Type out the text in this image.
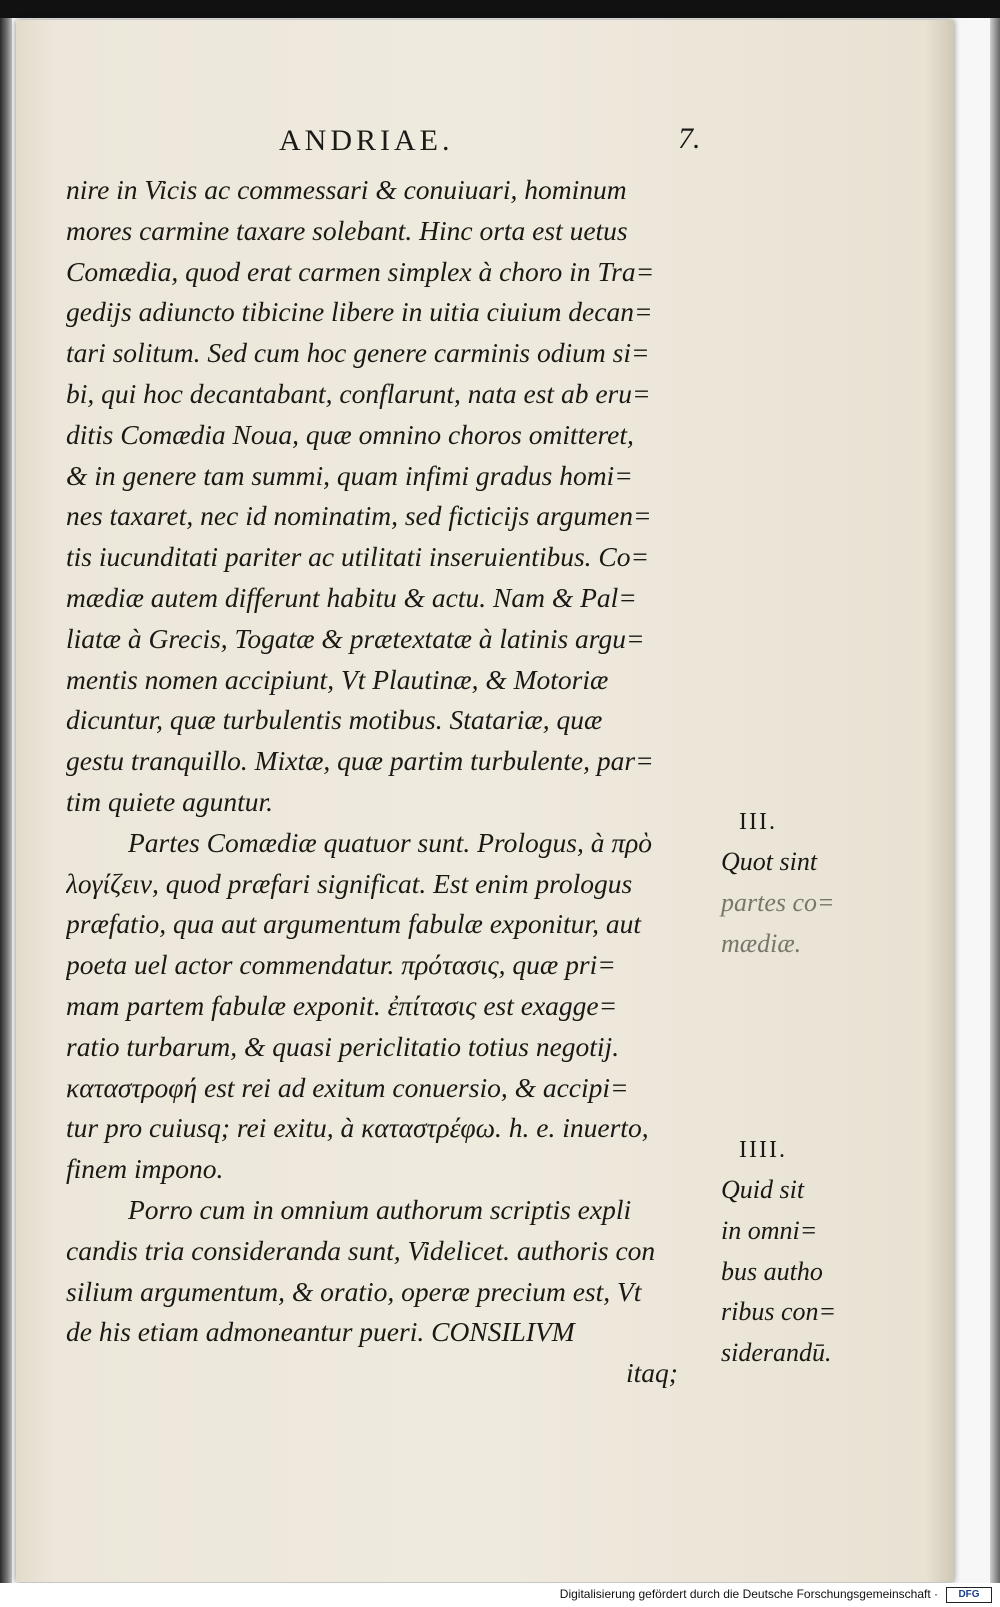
ANDRIAE.	7.
nire in Vicis ac commessari & conuiuari, hominum
mores carmine taxare solebant. Hinc orta est uetus
Comædia, quod erat carmen simplex à choro in Tra=
gedijs adiuncto tibicine libere in uitia ciuium decan=
tari solitum. Sed cum hoc genere carminis odium si=
bi, qui hoc decantabant, conflarunt, nata est ab eru=
ditis Comædia Noua, quæ omnino choros omitteret,
& in genere tam summi, quam infimi gradus homi=
nes taxaret, nec id nominatim, sed ficticijs argumen=
tis iucunditati pariter ac utilitati inseruientibus. Co=
mædiæ autem differunt habitu & actu. Nam & Pal=
liatæ à Grecis, Togatæ & prætextatæ à latinis argu=
mentis nomen accipiunt, Vt Plautinæ, & Motoriæ
dicuntur, quæ turbulentis motibus. Statariæ, quæ
gestu tranquillo. Mixtæ, quæ partim turbulente, par=
tim quiete aguntur.
Partes Comædiæ quatuor sunt. Prologus, à πρὸ
λογίζειν, quod præfari significat. Est enim prologus
præfatio, qua aut argumentum fabulæ exponitur, aut
poeta uel actor commendatur. πρότασις, quæ pri=
mam partem fabulæ exponit. ἐπίτασις est exagge=
ratio turbarum, & quasi periclitatio totius negotij.
καταστροφή est rei ad exitum conuersio, & accipi=
tur pro cuiusq; rei exitu, à καταστρέφω. h. e. inuerto,
finem impono.
Porro cum in omnium authorum scriptis expli
candis tria consideranda sunt, Videlicet. authoris con
silium argumentum, & oratio, operæ precium est, Vt
de his etiam admoneantur pueri. CONSILIVM
itaq;
III.
Quot sint
partes co=
mædiæ.
IIII.
Quid sit
in omni=
bus autho
ribus con=
siderandū.
Digitalisierung gefördert durch die Deutsche Forschungsgemeinschaft ·	DFG
